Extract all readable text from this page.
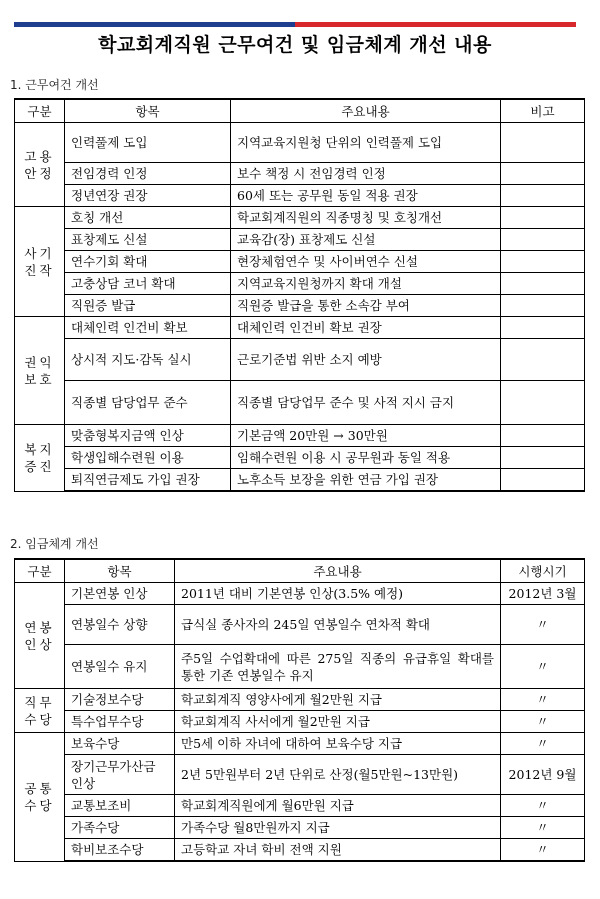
학교회계직원 근무여건 및 임금체계 개선 내용
1. 근무여건 개선
구분	항목	주요내용	비고
고용 안정	인력풀제 도입	지역교육지원청 단위의 인력풀제 도입	
	전임경력 인정	보수 책정 시 전임경력 인정	
	정년연장 권장	60세 또는 공무원 동일 적용 권장	
사기 진작	호칭 개선	학교회계직원의 직종명칭 및 호칭개선	
	표창제도 신설	교육감(장) 표창제도 신설	
	연수기회 확대	현장체험연수 및 사이버연수 신설	
	고충상담 코너 확대	지역교육지원청까지 확대 개설	
	직원증 발급	직원증 발급을 통한 소속감 부여	
권익 보호	대체인력 인건비 확보	대체인력 인건비 확보 권장	
	상시적 지도·감독 실시	근로기준법 위반 소지 예방	
	직종별 담당업무 준수	직종별 담당업무 준수 및 사적 지시 금지	
복지 증진	맞춤형복지금액 인상	기본금액 20만원 → 30만원	
	학생입해수련원 이용	임해수련원 이용 시 공무원과 동일 적용	
	퇴직연금제도 가입 권장	노후소득 보장을 위한 연금 가입 권장	
2. 임금체계 개선
구분	항목	주요내용	시행시기
연봉 인상	기본연봉 인상	2011년 대비 기본연봉 인상(3.5% 예정)	2012년 3월
	연봉일수 상향	급식실 종사자의 245일 연봉일수 연차적 확대	〃
	연봉일수 유지	주5일 수업확대에 따른 275일 직종의 유급휴일 확대를 통한 기존 연봉일수 유지	〃
직무 수당	기술정보수당	학교회계직 영양사에게 월2만원 지급	〃
	특수업무수당	학교회계직 사서에게 월2만원 지급	〃
공통 수당	보육수당	만5세 이하 자녀에 대하여 보육수당 지급	〃
	장기근무가산금 인상	2년 5만원부터 2년 단위로 산정(월5만원~13만원)	2012년 9월
	교통보조비	학교회계직원에게 월6만원 지급	〃
	가족수당	가족수당 월8만원까지 지급	〃
	학비보조수당	고등학교 자녀 학비 전액 지원	〃
